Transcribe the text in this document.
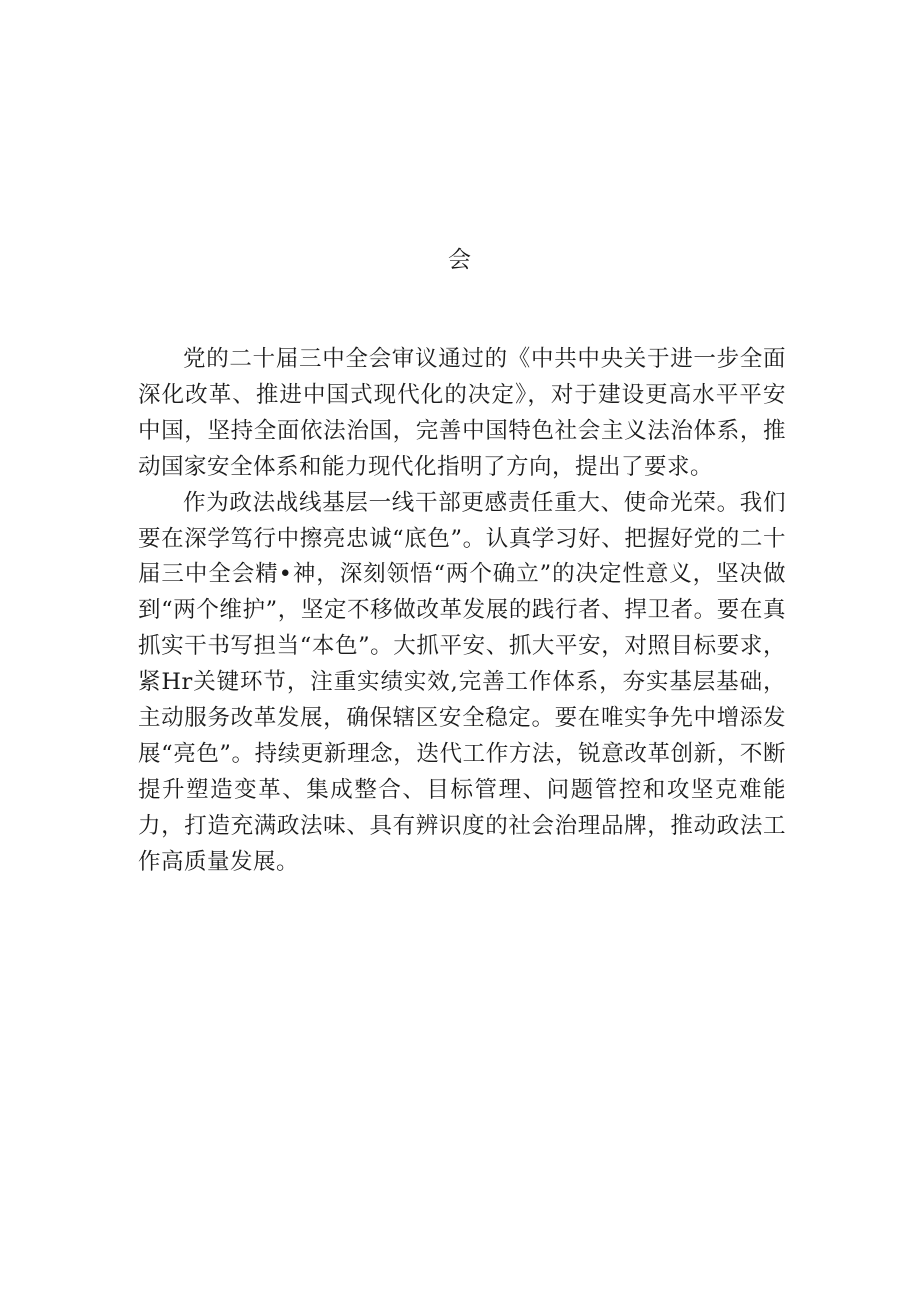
会

党的二十届三中全会审议通过的《中共中央关于进一步全面深化改革、推进中国式现代化的决定》，对于建设更高水平平安中国，坚持全面依法治国，完善中国特色社会主义法治体系，推动国家安全体系和能力现代化指明了方向，提出了要求。

作为政法战线基层一线干部更感责任重大、使命光荣。我们要在深学笃行中擦亮忠诚“底色”。认真学习好、把握好党的二十届三中全会精•神，深刻领悟“两个确立”的决定性意义，坚决做到“两个维护”，坚定不移做改革发展的践行者、捍卫者。要在真抓实干书写担当“本色”。大抓平安、抓大平安，对照目标要求，紧Hr关键环节，注重实绩实效,完善工作体系，夯实基层基础，主动服务改革发展，确保辖区安全稳定。要在唯实争先中增添发展“亮色”。持续更新理念，迭代工作方法，锐意改革创新，不断提升塑造变革、集成整合、目标管理、问题管控和攻坚克难能力，打造充满政法味、具有辨识度的社会治理品牌，推动政法工作高质量发展。
